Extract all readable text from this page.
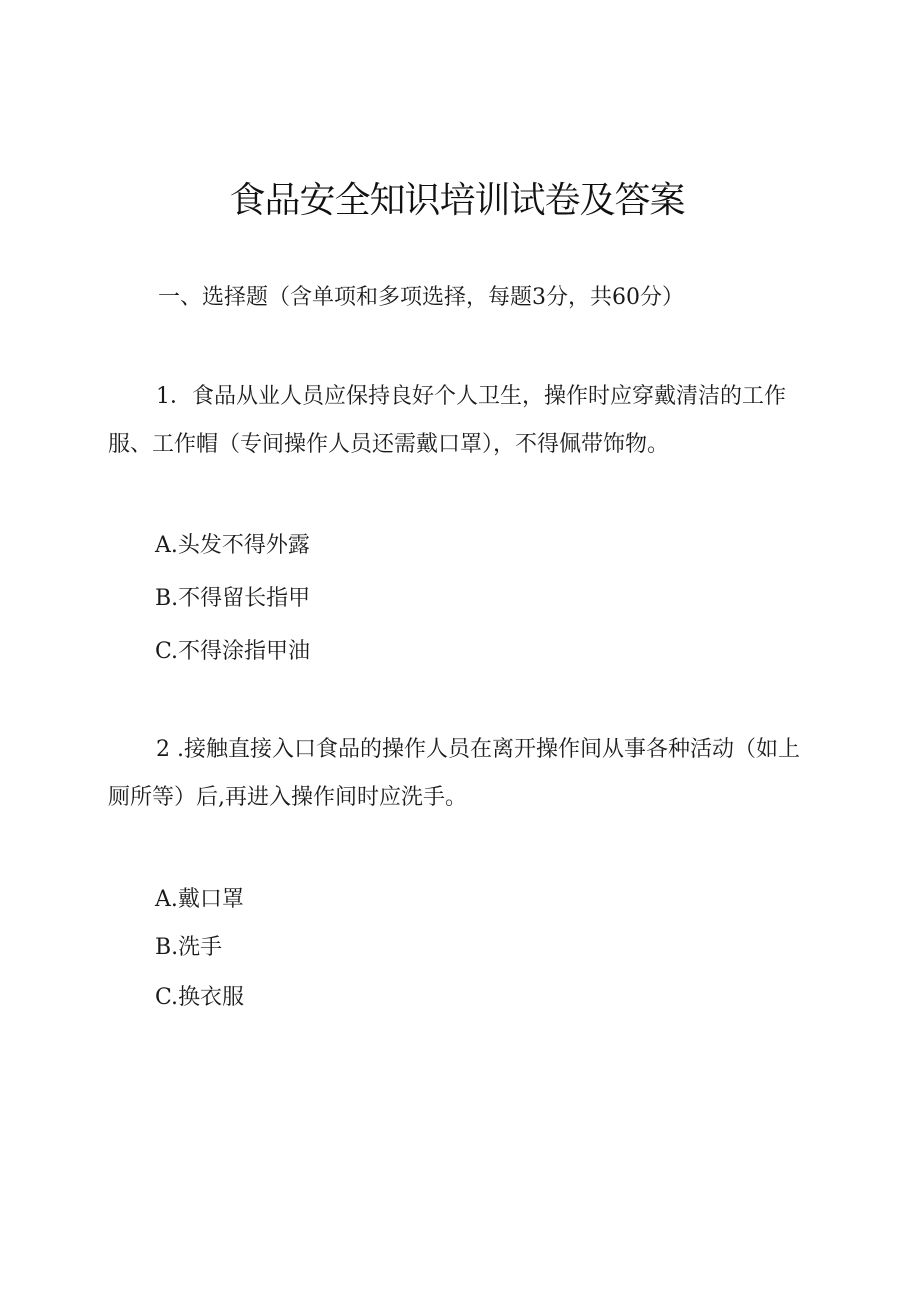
食品安全知识培训试卷及答案
一、选择题（含单项和多项选择，每题3分，共60分）
1．食品从业人员应保持良好个人卫生，操作时应穿戴清洁的工作服、工作帽（专间操作人员还需戴口罩），不得佩带饰物。
A.头发不得外露
B.不得留长指甲
C.不得涂指甲油
2 .接触直接入口食品的操作人员在离开操作间从事各种活动（如上厕所等）后,再进入操作间时应洗手。
A.戴口罩
B.洗手
C.换衣服
